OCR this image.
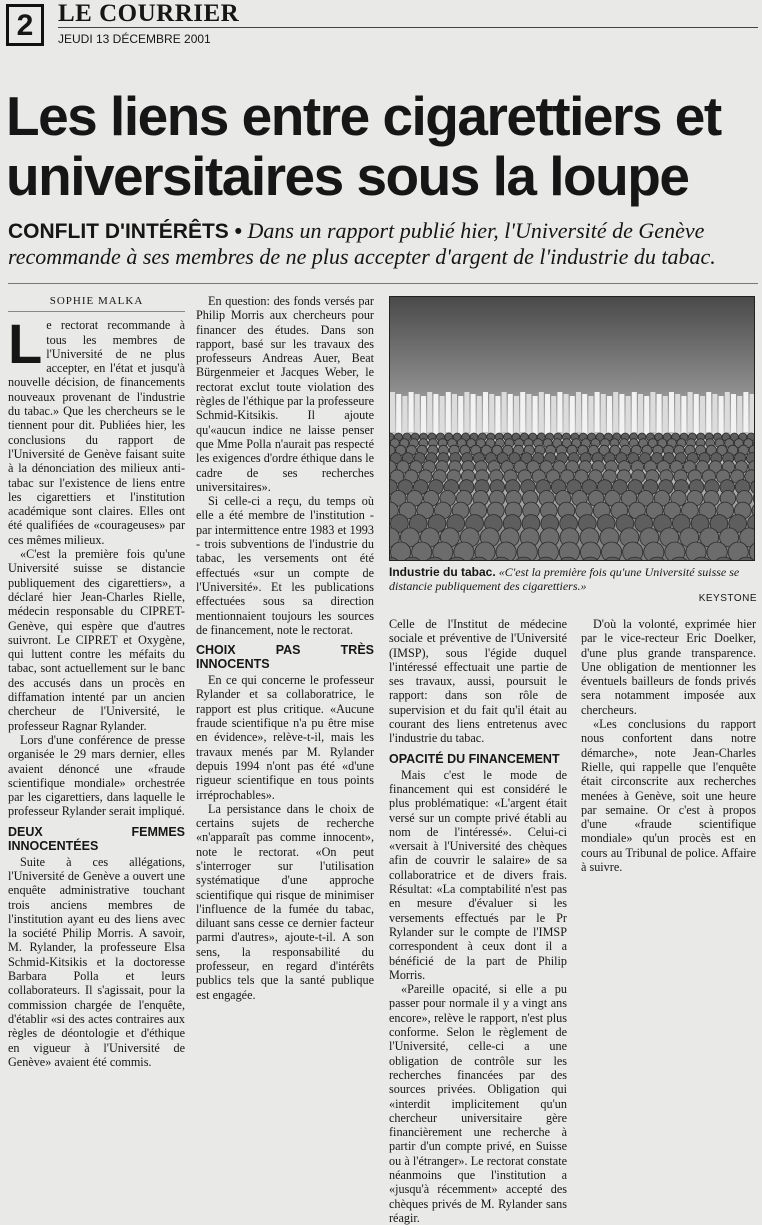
2 LE COURRIER
JEUDI 13 DÉCEMBRE 2001
Les liens entre cigarettiers et universitaires sous la loupe

CONFLIT D'INTÉRÊTS • Dans un rapport publié hier, l'Université de Genève recommande à ses membres de ne plus accepter d'argent de l'industrie du tabac.

SOPHIE MALKA

Le rectorat recommande à tous les membres de l'Université de ne plus accepter, en l'état et jusqu'à nouvelle décision, de financements nouveaux provenant de l'industrie du tabac.» Que les chercheurs se le tiennent pour dit. Publiées hier, les conclusions du rapport de l'Université de Genève faisant suite à la dénonciation des milieux anti-tabac sur l'existence de liens entre les cigarettiers et l'institution académique sont claires. Elles ont été qualifiées de «courageuses» par ces mêmes milieux.

«C'est la première fois qu'une Université suisse se distancie publiquement des cigarettiers», a déclaré hier Jean-Charles Rielle, médecin responsable du CIPRET-Genève, qui espère que d'autres suivront. Le CIPRET et Oxygène, qui luttent contre les méfaits du tabac, sont actuellement sur le banc des accusés dans un procès en diffamation intenté par un ancien chercheur de l'Université, le professeur Ragnar Rylander.

Lors d'une conférence de presse organisée le 29 mars dernier, elles avaient dénoncé une «fraude scientifique mondiale» orchestrée par les cigarettiers, dans laquelle le professeur Rylander serait impliqué.

DEUX FEMMES INNOCENTÉES

Suite à ces allégations, l'Université de Genève a ouvert une enquête administrative touchant trois anciens membres de l'institution ayant eu des liens avec la société Philip Morris. A savoir, M. Rylander, la professeure Elsa Schmid-Kitsikis et la doctoresse Barbara Polla et leurs collaborateurs. Il s'agissait, pour la commission chargée de l'enquête, d'établir «si des actes contraires aux règles de déontologie et d'éthique en vigueur à l'Université de Genève» avaient été commis.

En question: des fonds versés par Philip Morris aux chercheurs pour financer des études. Dans son rapport, basé sur les travaux des professeurs Andreas Auer, Beat Bürgenmeier et Jacques Weber, le rectorat exclut toute violation des règles de l'éthique par la professeure Schmid-Kitsikis. Il ajoute qu'«aucun indice ne laisse penser que Mme Polla n'aurait pas respecté les exigences d'ordre éthique dans le cadre de ses recherches universitaires».

Si celle-ci a reçu, du temps où elle a été membre de l'institution - par intermittence entre 1983 et 1993 - trois subventions de l'industrie du tabac, les versements ont été effectués «sur un compte de l'Université». Et les publications effectuées sous sa direction mentionnaient toujours les sources de financement, note le rectorat.

CHOIX PAS TRÈS INNOCENTS

En ce qui concerne le professeur Rylander et sa collaboratrice, le rapport est plus critique. «Aucune fraude scientifique n'a pu être mise en évidence», relève-t-il, mais les travaux menés par M. Rylander depuis 1994 n'ont pas été «d'une rigueur scientifique en tous points irréprochables».

La persistance dans le choix de certains sujets de recherche «n'apparaît pas comme innocent», note le rectorat. «On peut s'interroger sur l'utilisation systématique d'une approche scientifique qui risque de minimiser l'influence de la fumée du tabac, diluant sans cesse ce dernier facteur parmi d'autres», ajoute-t-il. A son sens, la responsabilité du professeur, en regard d'intérêts publics tels que la santé publique est engagée.

Industrie du tabac. «C'est la première fois qu'une Université suisse se distancie publiquement des cigarettiers.»
KEYSTONE

Celle de l'Institut de médecine sociale et préventive de l'Université (IMSP), sous l'égide duquel l'intéressé effectuait une partie de ses travaux, aussi, poursuit le rapport: dans son rôle de supervision et du fait qu'il était au courant des liens entretenus avec l'industrie du tabac.

OPACITÉ DU FINANCEMENT

Mais c'est le mode de financement qui est considéré le plus problématique: «L'argent était versé sur un compte privé établi au nom de l'intéressé». Celui-ci «versait à l'Université des chèques afin de couvrir le salaire» de sa collaboratrice et de divers frais. Résultat: «La comptabilité n'est pas en mesure d'évaluer si les versements effectués par le Pr Rylander sur le compte de l'IMSP correspondent à ceux dont il a bénéficié de la part de Philip Morris.

«Pareille opacité, si elle a pu passer pour normale il y a vingt ans encore», relève le rapport, n'est plus conforme. Selon le règlement de l'Université, celle-ci a une obligation de contrôle sur les recherches financées par des sources privées. Obligation qui «interdit implicitement qu'un chercheur universitaire gère financièrement une recherche à partir d'un compte privé, en Suisse ou à l'étranger». Le rectorat constate néanmoins que l'institution a «jusqu'à récemment» accepté des chèques privés de M. Rylander sans réagir.

D'où la volonté, exprimée hier par le vice-recteur Eric Doelker, d'une plus grande transparence. Une obligation de mentionner les éventuels bailleurs de fonds privés sera notamment imposée aux chercheurs.

«Les conclusions du rapport nous confortent dans notre démarche», note Jean-Charles Rielle, qui rappelle que l'enquête était circonscrite aux recherches menées à Genève, soit une heure par semaine. Or c'est à propos d'une «fraude scientifique mondiale» qu'un procès est en cours au Tribunal de police. Affaire à suivre.
